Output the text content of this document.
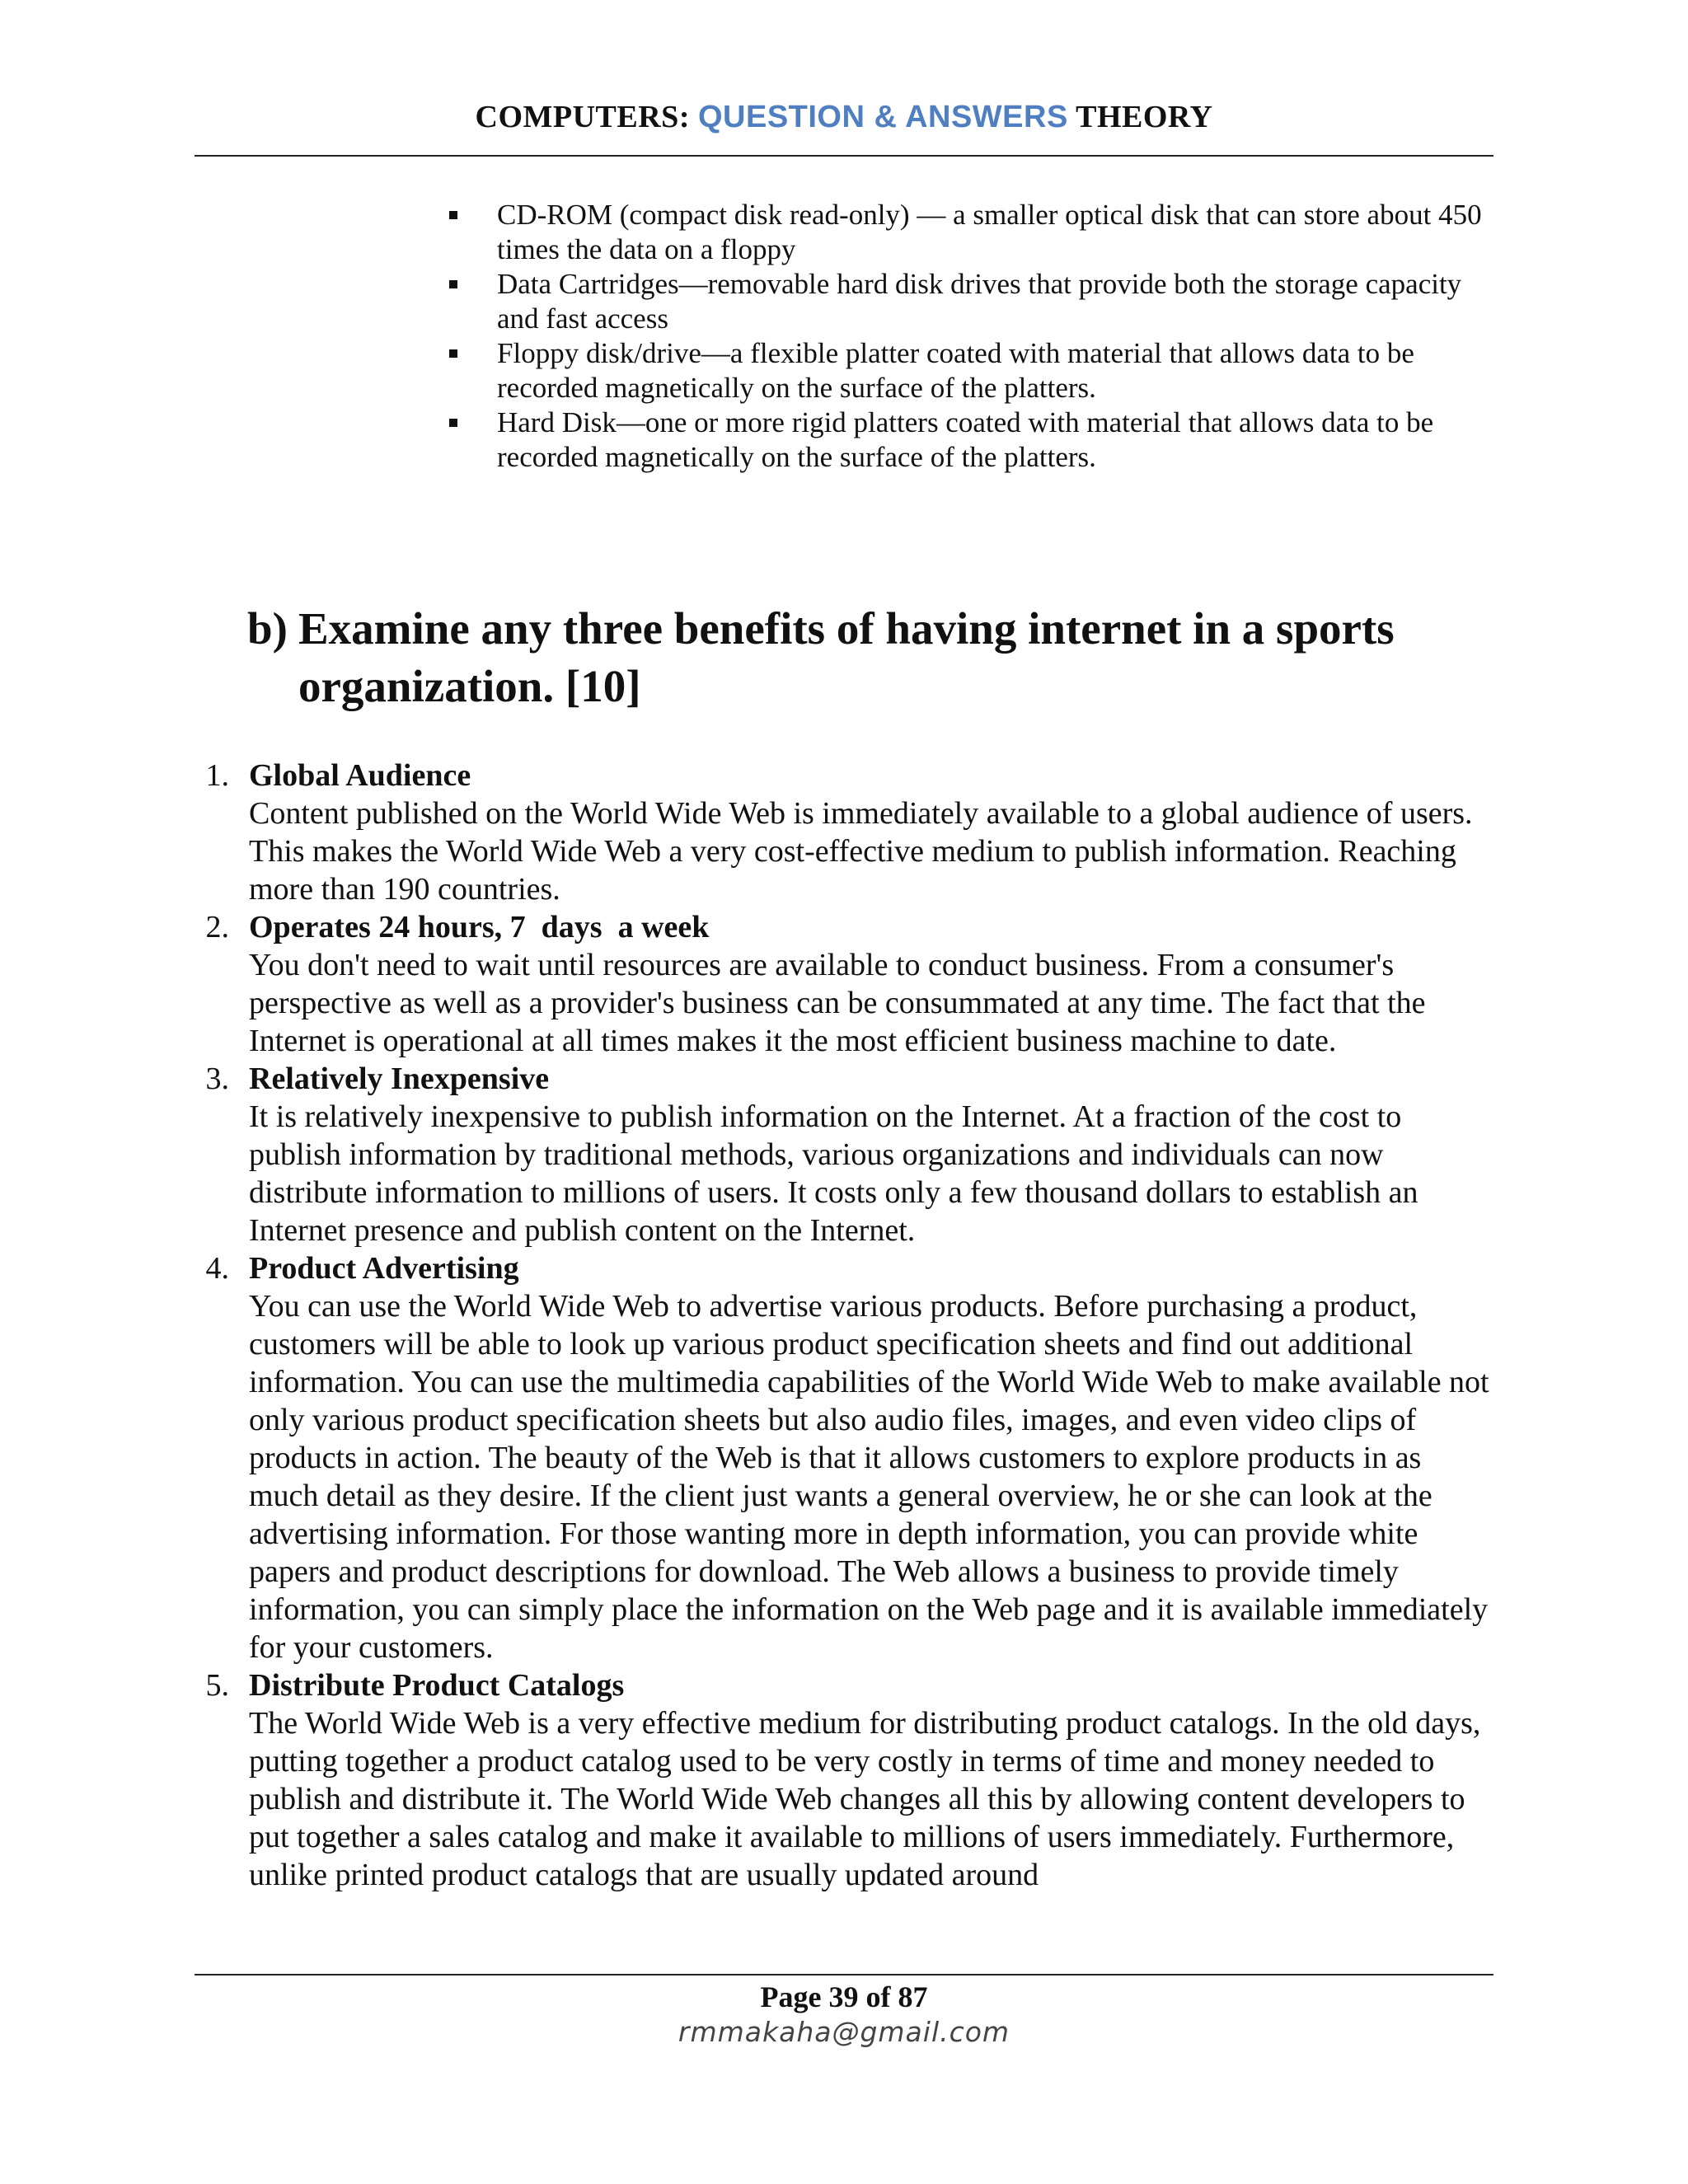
COMPUTERS: QUESTION & ANSWERS THEORY
CD-ROM (compact disk read-only) — a smaller optical disk that can store about 450 times the data on a floppy
Data Cartridges—removable hard disk drives that provide both the storage capacity and fast access
Floppy disk/drive—a flexible platter coated with material that allows data to be recorded magnetically on the surface of the platters.
Hard Disk—one or more rigid platters coated with material that allows data to be recorded magnetically on the surface of the platters.
b) Examine any three benefits of having internet in a sports organization. [10]
1. Global Audience
Content published on the World Wide Web is immediately available to a global audience of users. This makes the World Wide Web a very cost-effective medium to publish information. Reaching more than 190 countries.
2. Operates 24 hours, 7  days  a week
You don't need to wait until resources are available to conduct business. From a consumer's perspective as well as a provider's business can be consummated at any time. The fact that the Internet is operational at all times makes it the most efficient business machine to date.
3. Relatively Inexpensive
It is relatively inexpensive to publish information on the Internet. At a fraction of the cost to publish information by traditional methods, various organizations and individuals can now distribute information to millions of users. It costs only a few thousand dollars to establish an Internet presence and publish content on the Internet.
4. Product Advertising
You can use the World Wide Web to advertise various products. Before purchasing a product, customers will be able to look up various product specification sheets and find out additional information. You can use the multimedia capabilities of the World Wide Web to make available not only various product specification sheets but also audio files, images, and even video clips of products in action. The beauty of the Web is that it allows customers to explore products in as much detail as they desire. If the client just wants a general overview, he or she can look at the advertising information. For those wanting more in depth information, you can provide white papers and product descriptions for download. The Web allows a business to provide timely information, you can simply place the information on the Web page and it is available immediately for your customers.
5. Distribute Product Catalogs
The World Wide Web is a very effective medium for distributing product catalogs. In the old days, putting together a product catalog used to be very costly in terms of time and money needed to publish and distribute it. The World Wide Web changes all this by allowing content developers to put together a sales catalog and make it available to millions of users immediately. Furthermore, unlike printed product catalogs that are usually updated around
Page 39 of 87
rmmakaha@gmail.com
